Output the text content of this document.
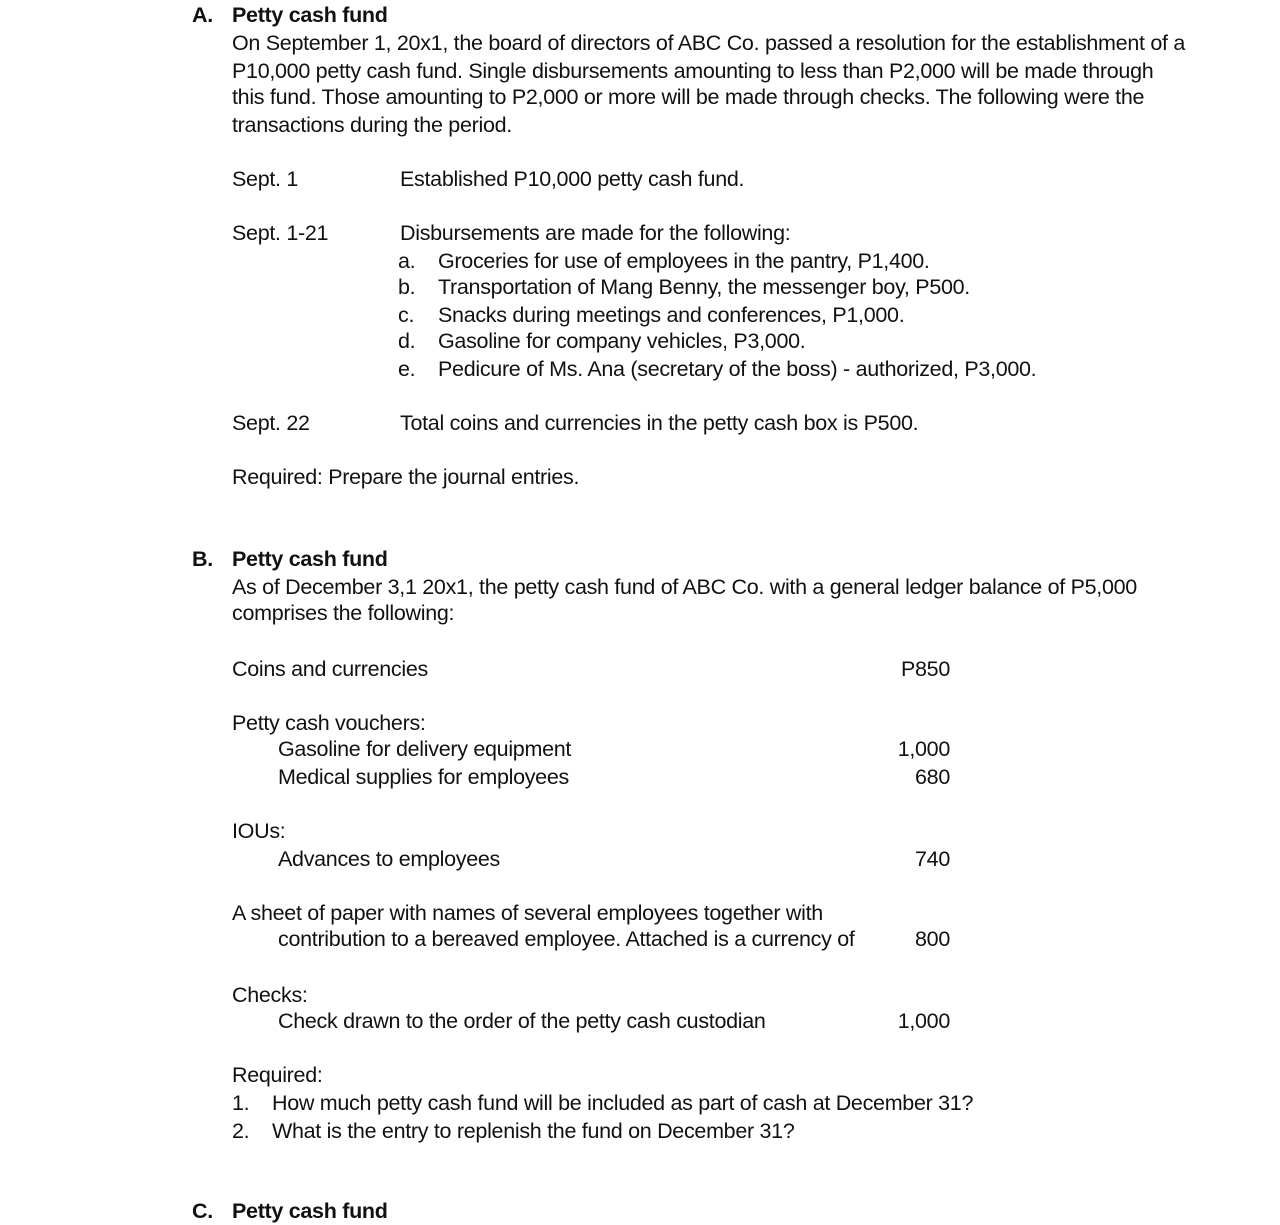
A. Petty cash fund
On September 1, 20x1, the board of directors of ABC Co. passed a resolution for the establishment of a
P10,000 petty cash fund. Single disbursements amounting to less than P2,000 will be made through
this fund. Those amounting to P2,000 or more will be made through checks. The following were the
transactions during the period.
Sept. 1	Established P10,000 petty cash fund.
Sept. 1-21	Disbursements are made for the following:
a. Groceries for use of employees in the pantry, P1,400.
b. Transportation of Mang Benny, the messenger boy, P500.
c. Snacks during meetings and conferences, P1,000.
d. Gasoline for company vehicles, P3,000.
e. Pedicure of Ms. Ana (secretary of the boss) - authorized, P3,000.
Sept. 22	Total coins and currencies in the petty cash box is P500.
Required: Prepare the journal entries.
B. Petty cash fund
As of December 3,1 20x1, the petty cash fund of ABC Co. with a general ledger balance of P5,000
comprises the following:
Coins and currencies	P850
Petty cash vouchers:
Gasoline for delivery equipment	1,000
Medical supplies for employees	680
IOUs:
Advances to employees	740
A sheet of paper with names of several employees together with
contribution to a bereaved employee. Attached is a currency of	800
Checks:
Check drawn to the order of the petty cash custodian	1,000
Required:
1. How much petty cash fund will be included as part of cash at December 31?
2. What is the entry to replenish the fund on December 31?
C. Petty cash fund
